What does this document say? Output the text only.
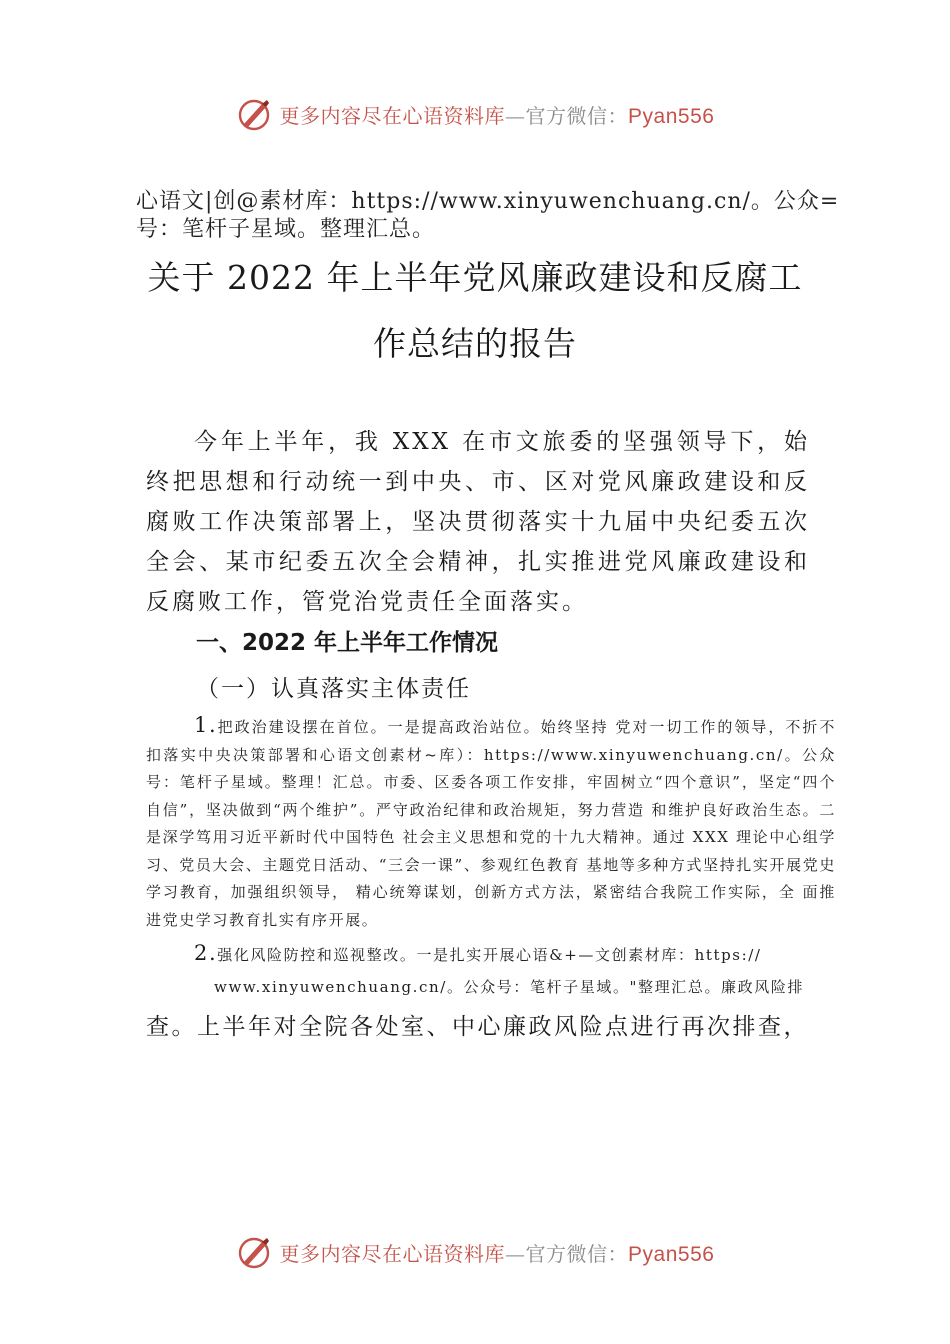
更多内容尽在心语资料库—官方微信：Pyan556
心语文|创@素材库：https://www.xinyuwenchuang.cn/。公众=号：笔杆子星域。整理汇总。
关于 2022 年上半年党风廉政建设和反腐工
作总结的报告
今年上半年，我 XXX 在市文旅委的坚强领导下，始终把思想和行动统一到中央、市、区对党风廉政建设和反腐败工作决策部署上，坚决贯彻落实十九届中央纪委五次全会、某市纪委五次全会精神，扎实推进党风廉政建设和反腐败工作，管党治党责任全面落实。
一、2022 年上半年工作情况
（一）认真落实主体责任
1.把政治建设摆在首位。一是提高政治站位。始终坚持 党对一切工作的领导，不折不扣落实中央决策部署和心语文创素材~库）：https://www.xinyuwenchuang.cn/。公众号：笔杆子星域。整理！汇总。市委、区委各项工作安排，牢固树立“四个意识”，坚定“四个自信”，坚决做到“两个维护”。严守政治纪律和政治规矩，努力营造 和维护良好政治生态。二是深学笃用习近平新时代中国特色 社会主义思想和党的十九大精神。通过 XXX 理论中心组学习、党员大会、主题党日活动、“三会一课”、参观红色教育 基地等多种方式坚持扎实开展党史学习教育，加强组织领导， 精心统筹谋划，创新方式方法，紧密结合我院工作实际，全 面推进党史学习教育扎实有序开展。
2.强化风险防控和巡视整改。一是扎实开展心语&+—文创素材库：https://
www.xinyuwenchuang.cn/。公众号：笔杆子星域。"整理汇总。廉政风险排
查。上半年对全院各处室、中心廉政风险点进行再次排查，
更多内容尽在心语资料库—官方微信：Pyan556
